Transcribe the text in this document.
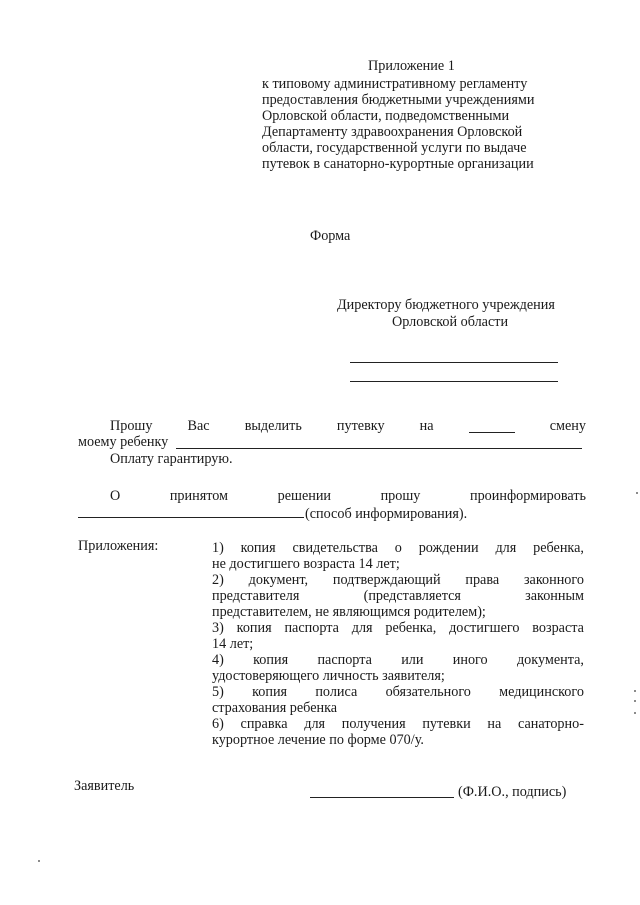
Приложение 1
к типовому административному регламенту
предоставления бюджетными учреждениями
Орловской области, подведомственными
Департаменту здравоохранения Орловской
области, государственной услуги по выдаче
путевок в санаторно-курортные организации
Форма
Директору бюджетного учреждения
Орловской области
Прошу Вас выделить путевку на	смену
моему ребенку
Оплату гарантирую.
О	принятом	решении	прошу	проинформировать
(способ информирования).
Приложения:	1) копия свидетельства о рождении для ребенка,
не достигшего возраста 14 лет;
2) документ, подтверждающий права законного
представителя	(представляется	законным
представителем, не являющимся родителем);
3) копия паспорта для ребенка, достигшего возраста
14 лет;
4) копия паспорта или иного документа,
удостоверяющего личность заявителя;
5) копия полиса обязательного медицинского
страхования ребенка
6) справка для получения путевки на санаторно-
курортное лечение по форме 070/у.
Заявитель	(Ф.И.О., подпись)
